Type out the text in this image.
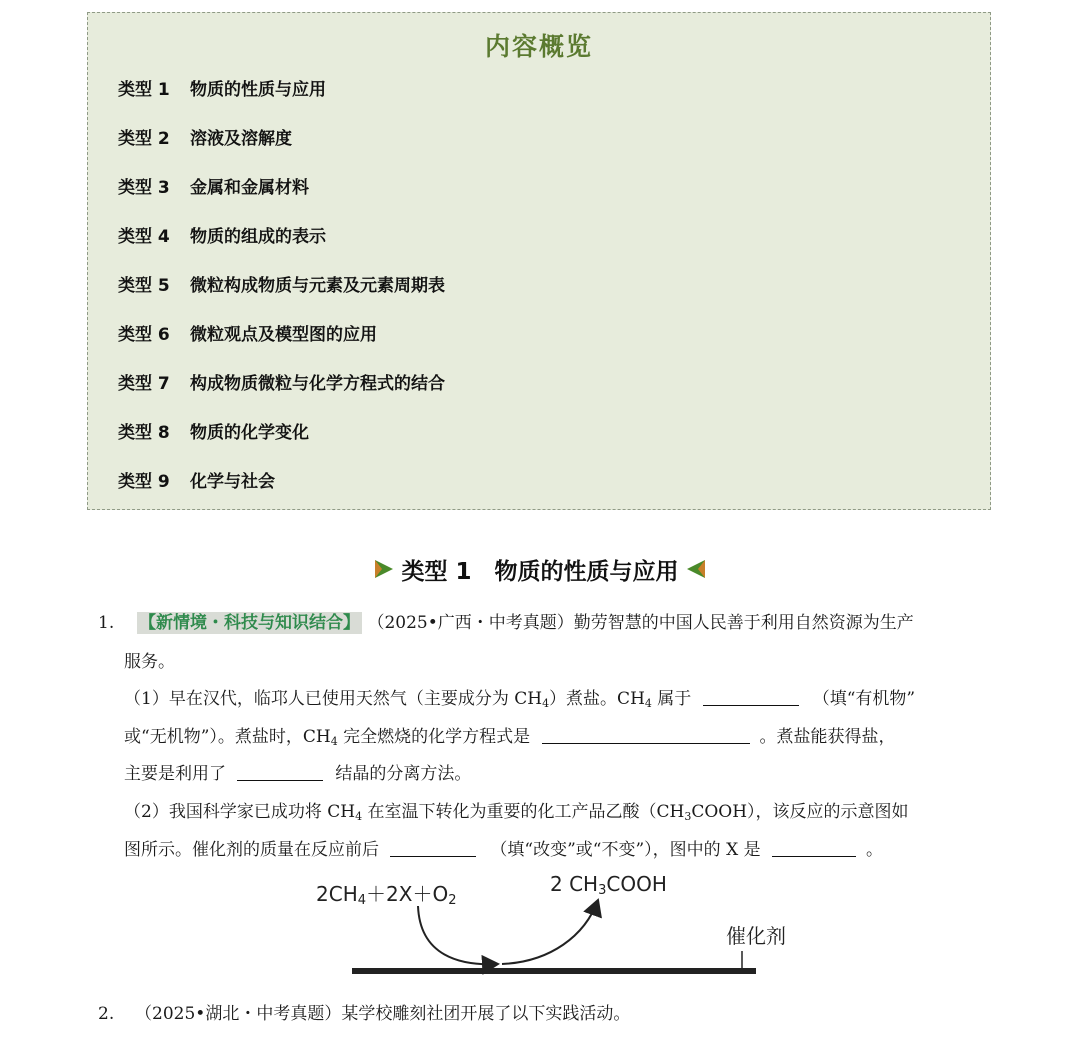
内容概览
类型 1	物质的性质与应用
类型 2	溶液及溶解度
类型 3	金属和金属材料
类型 4	物质的组成的表示
类型 5	微粒构成物质与元素及元素周期表
类型 6	微粒观点及模型图的应用
类型 7	构成物质微粒与化学方程式的结合
类型 8	物质的化学变化
类型 9	化学与社会
类型 1　物质的性质与应用
1. 【新情境・科技与知识结合】 （2025•广西・中考真题）勤劳智慧的中国人民善于利用自然资源为生产
服务。
（1）早在汉代，临邛人已使用天然气（主要成分为 $CH_4$）煮盐。$CH_4$ 属于	（填“有机物”
或“无机物”）。煮盐时，$CH_4$ 完全燃烧的化学方程式是	。煮盐能获得盐，
主要是利用了	结晶的分离方法。
（2）我国科学家已成功将 $CH_4$ 在室温下转化为重要的化工产品乙酸$(CH_3COOH)$，该反应的示意图如
图所示。催化剂的质量在反应前后	（填“改变”或“不变”），图中的 X 是	。
$2CH_4+2X+O_2$
2 $CH_3COOH$
催化剂
2. （2025•湖北・中考真题）某学校雕刻社团开展了以下实践活动。
